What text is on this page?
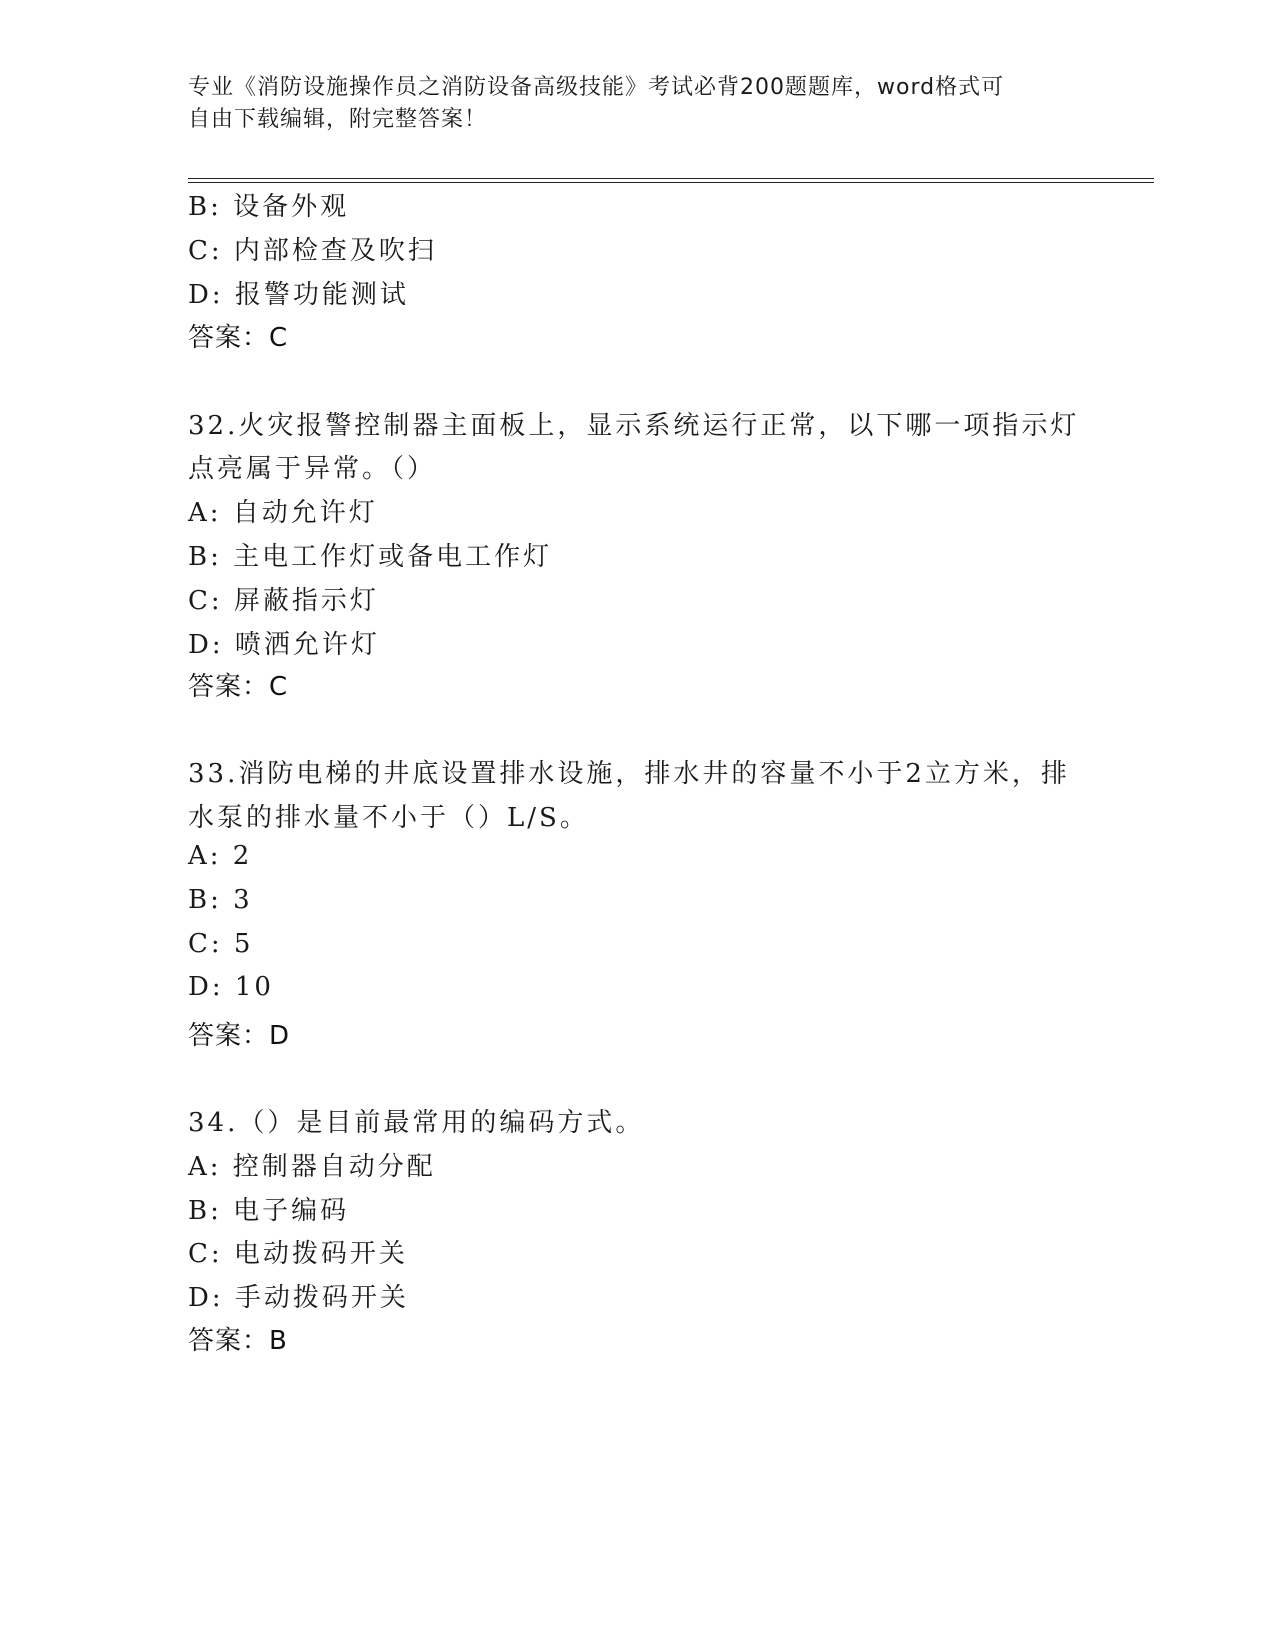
专业《消防设施操作员之消防设备高级技能》考试必背200题题库，word格式可
自由下载编辑，附完整答案！
B: 设备外观
C: 内部检查及吹扫
D: 报警功能测试
答案：C
32.火灾报警控制器主面板上，显示系统运行正常，以下哪一项指示灯
点亮属于异常。（）
A: 自动允许灯
B: 主电工作灯或备电工作灯
C: 屏蔽指示灯
D: 喷洒允许灯
答案：C
33.消防电梯的井底设置排水设施，排水井的容量不小于2立方米，排
水泵的排水量不小于（）L/S。
A: 2
B: 3
C: 5
D: 10
答案：D
34.（）是目前最常用的编码方式。
A: 控制器自动分配
B: 电子编码
C: 电动拨码开关
D: 手动拨码开关
答案：B
